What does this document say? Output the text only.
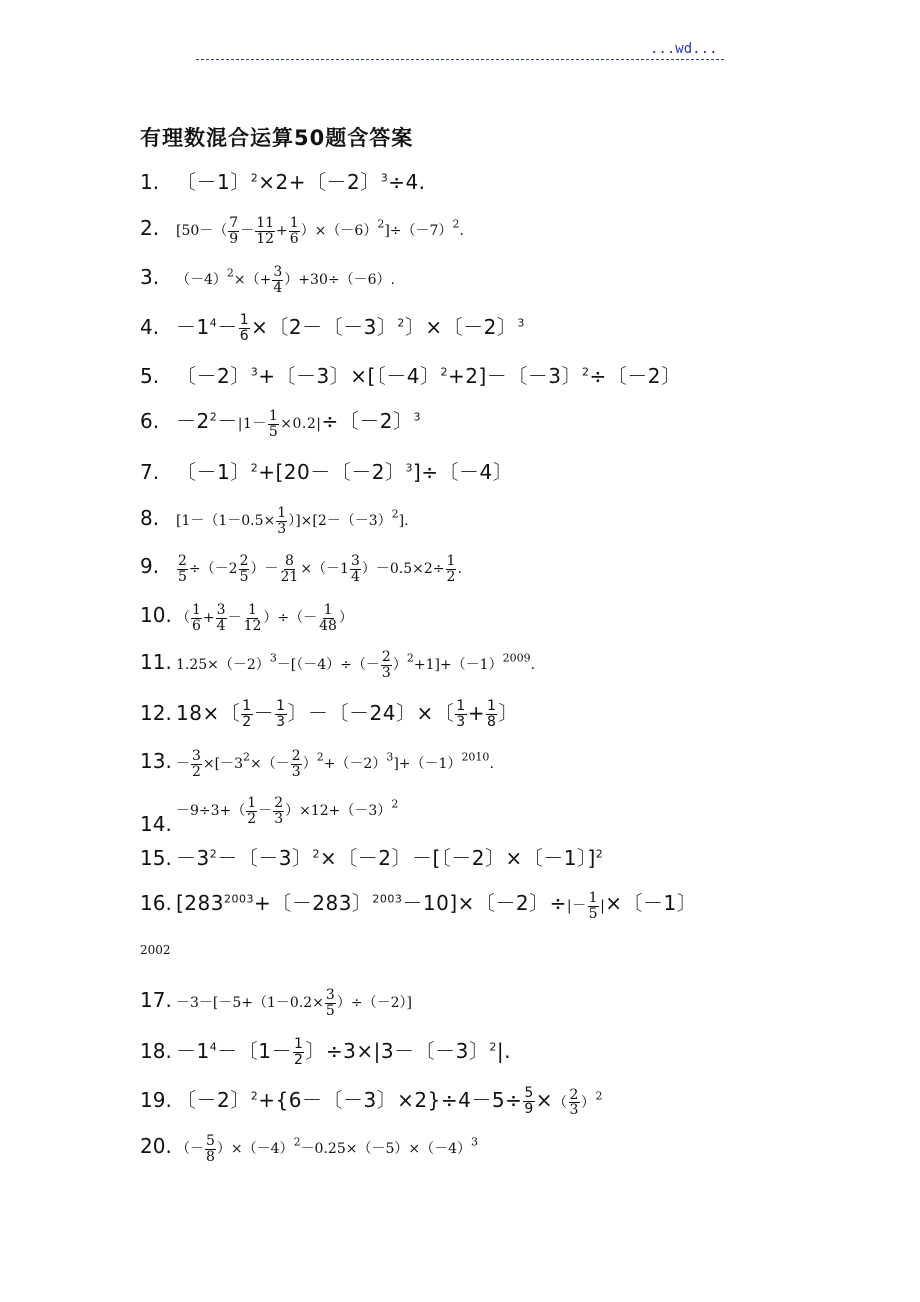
...wd...
有理数混合运算50题含答案
1. 〔－1〕$^2$×2+〔－2〕$^3$÷4.
2. $[50-( \frac{7}{9} - \frac{11}{12} + \frac{1}{6} )\times(-6)^2]\div(-7)^2$.
3. $(-4)^2\times(+ \frac{3}{4} )+30\div(-6)$.
4. $-1^4- \frac{1}{6}$ ×〔2－〔－3〕$^2$〕×〔－2〕$^3$
5. 〔－2〕$^3$+〔－3〕×[〔－4〕$^2$+2]－〔－3〕$^2$÷〔－2〕
6. $-2^2-|1- \frac{1}{5} \times 0.2|\div$〔－2〕$^3$
7. 〔－1〕$^2$+[20－〔－2〕$^3$]÷〔－4〕
8. $[1-(1-0.5\times \frac{1}{3} )]\times[2-(-3)^2]$.
9. $\frac{2}{5} \div(-2 \frac{2}{5}$ ）－ $\frac{8}{21} \times(-1 \frac{3}{4} )-0.5\times 2\div \frac{1}{2}$ .
10. （ $\frac{1}{6} + \frac{3}{4} - \frac{1}{12}$ ）÷（－ $\frac{1}{48}$ ）
11. $1.25\times(-2)^3-[(-4)\div(- \frac{2}{3} )^2+1]+(-1)^{2009}$.
12. 18×〔 $\frac{1}{2} - \frac{1}{3}$ 〕－〔－24〕×〔 $\frac{1}{3} + \frac{1}{8}$ 〕
13. － $\frac{3}{2} \times[-3^2\times(- \frac{2}{3} )^2+(-2)^3]+(-1)^{2010}$.
$14.-9\div 3+( \frac{1}{2} - \frac{2}{3} )\times 12+(-3)^2$
15. $-3^2-$〔－3〕$^2$×〔－2〕－[〔－2〕×〔－1〕]$^2$
16. [$283^{2003}+$〔－283〕$^{2003}$－10]×〔－2〕÷|－ $\frac{1}{5}$ |×〔－1〕
2002
17. $-3-[-5+(1-0.2\times \frac{3}{5} )\div(-2)]$
18. $-1^4-$〔$1- \frac{1}{2}$ 〕÷3×|3－〔－3〕$^2$|.
19. 〔－2〕$^2$+{6－〔－3〕$\times 2\}\div 4-5\div \frac{5}{9}$ ×（ $\frac{2}{3} )^2$
20. （－ $\frac{5}{8} )\times(-4)^2-0.25\times(-5)\times(-4)^3$
